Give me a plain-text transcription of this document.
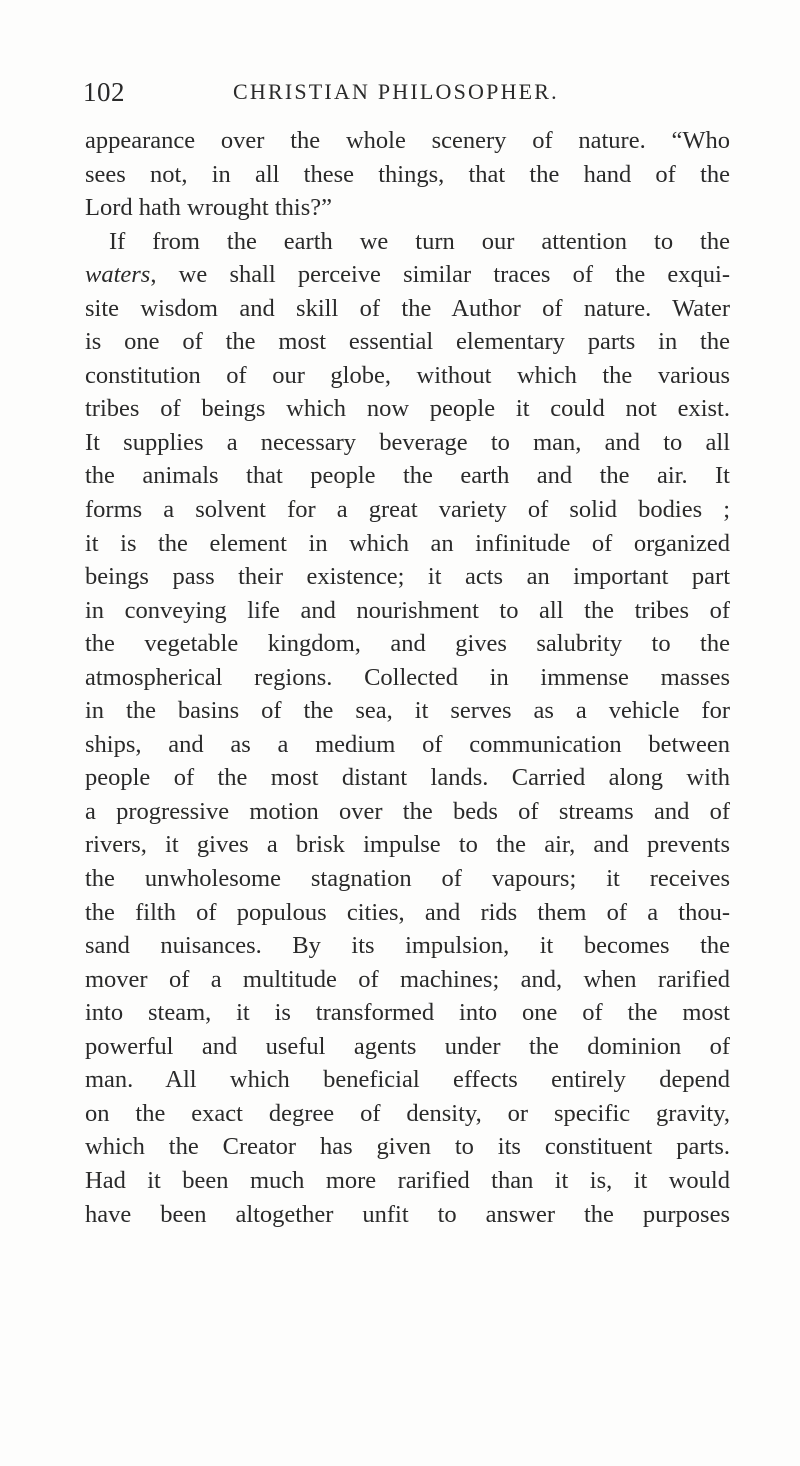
102	CHRISTIAN PHILOSOPHER.
appearance over the whole scenery of nature. “Who
sees not, in all these things, that the hand of the
Lord hath wrought this?”
If from the earth we turn our attention to the
waters, we shall perceive similar traces of the exqui-
site wisdom and skill of the Author of nature. Water
is one of the most essential elementary parts in the
constitution of our globe, without which the various
tribes of beings which now people it could not exist.
It supplies a necessary beverage to man, and to all
the animals that people the earth and the air. It
forms a solvent for a great variety of solid bodies ;
it is the element in which an infinitude of organized
beings pass their existence; it acts an important part
in conveying life and nourishment to all the tribes of
the vegetable kingdom, and gives salubrity to the
atmospherical regions. Collected in immense masses
in the basins of the sea, it serves as a vehicle for
ships, and as a medium of communication between
people of the most distant lands. Carried along with
a progressive motion over the beds of streams and of
rivers, it gives a brisk impulse to the air, and prevents
the unwholesome stagnation of vapours; it receives
the filth of populous cities, and rids them of a thou-
sand nuisances. By its impulsion, it becomes the
mover of a multitude of machines; and, when rarified
into steam, it is transformed into one of the most
powerful and useful agents under the dominion of
man. All which beneficial effects entirely depend
on the exact degree of density, or specific gravity,
which the Creator has given to its constituent parts.
Had it been much more rarified than it is, it would
have been altogether unfit to answer the purposes
